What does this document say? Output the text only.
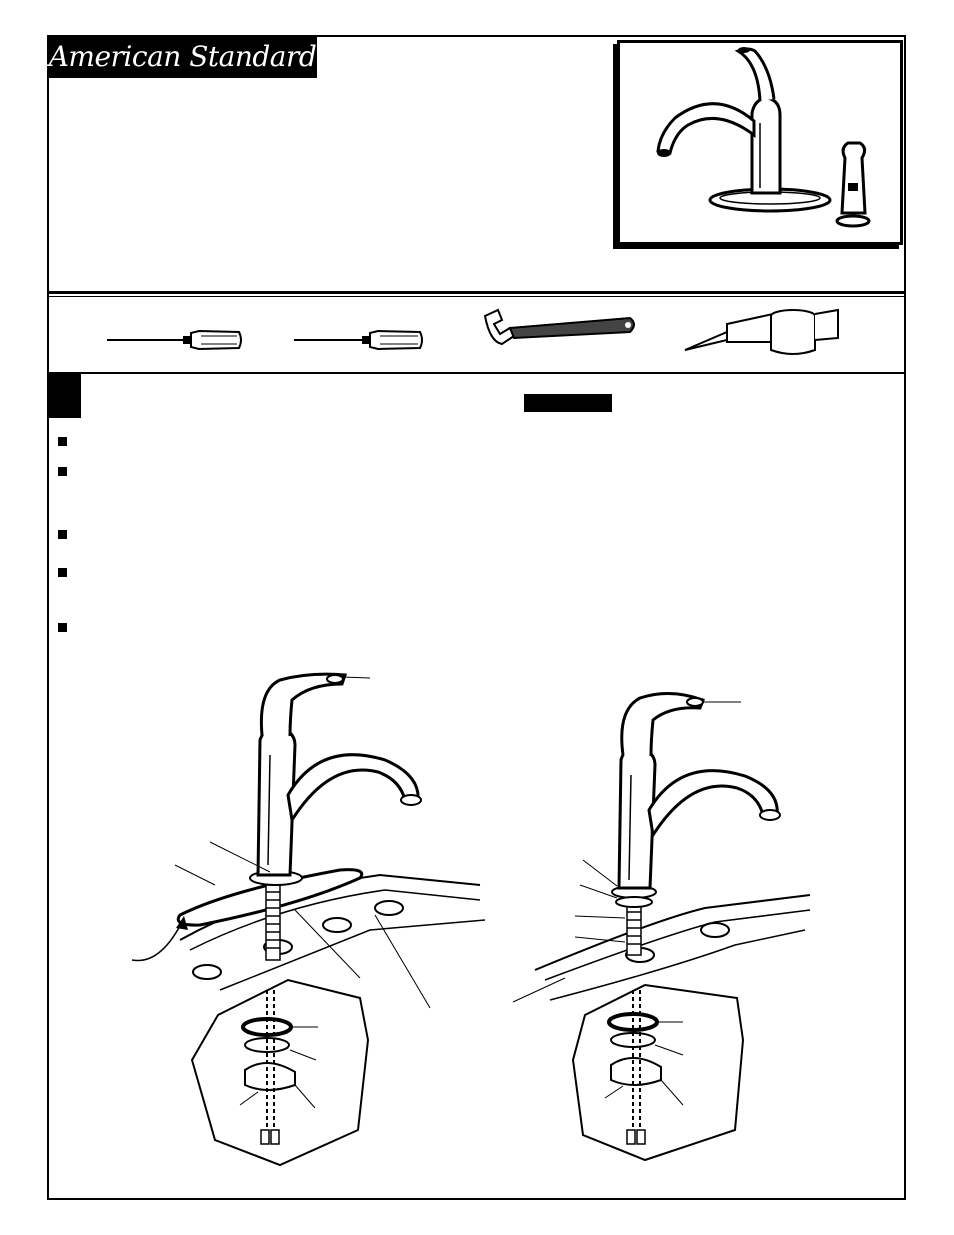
American Standard
